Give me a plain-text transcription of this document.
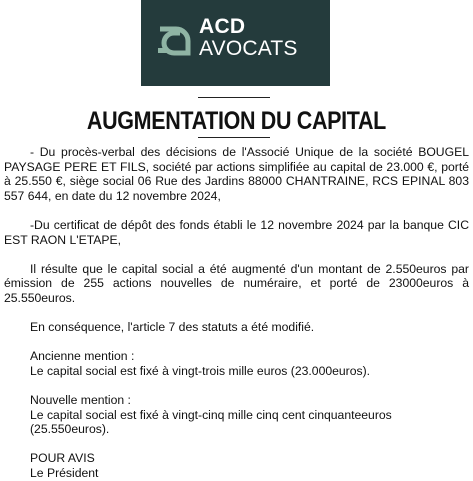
ACD
AVOCATS
AUGMENTATION DU CAPITAL

- Du procès-verbal des décisions de l'Associé Unique de la société BOUGEL PAYSAGE PERE ET FILS, société par actions simplifiée au capital de 23.000 €, porté à 25.550 €, siège social 06 Rue des Jardins 88000 CHANTRAINE, RCS EPINAL 803 557 644, en date du 12 novembre 2024,

-Du certificat de dépôt des fonds établi le 12 novembre 2024 par la banque CIC EST RAON L'ETAPE,

Il résulte que le capital social a été augmenté d'un montant de 2.550euros par émission de 255 actions nouvelles de numéraire, et porté de 23000euros à 25.550euros.

En conséquence, l'article 7 des statuts a été modifié.

Ancienne mention :
Le capital social est fixé à vingt-trois mille euros (23.000euros).
Nouvelle mention :
Le capital social est fixé à vingt-cinq mille cinq cent cinquanteeuros (25.550euros).
POUR AVIS
Le Président
